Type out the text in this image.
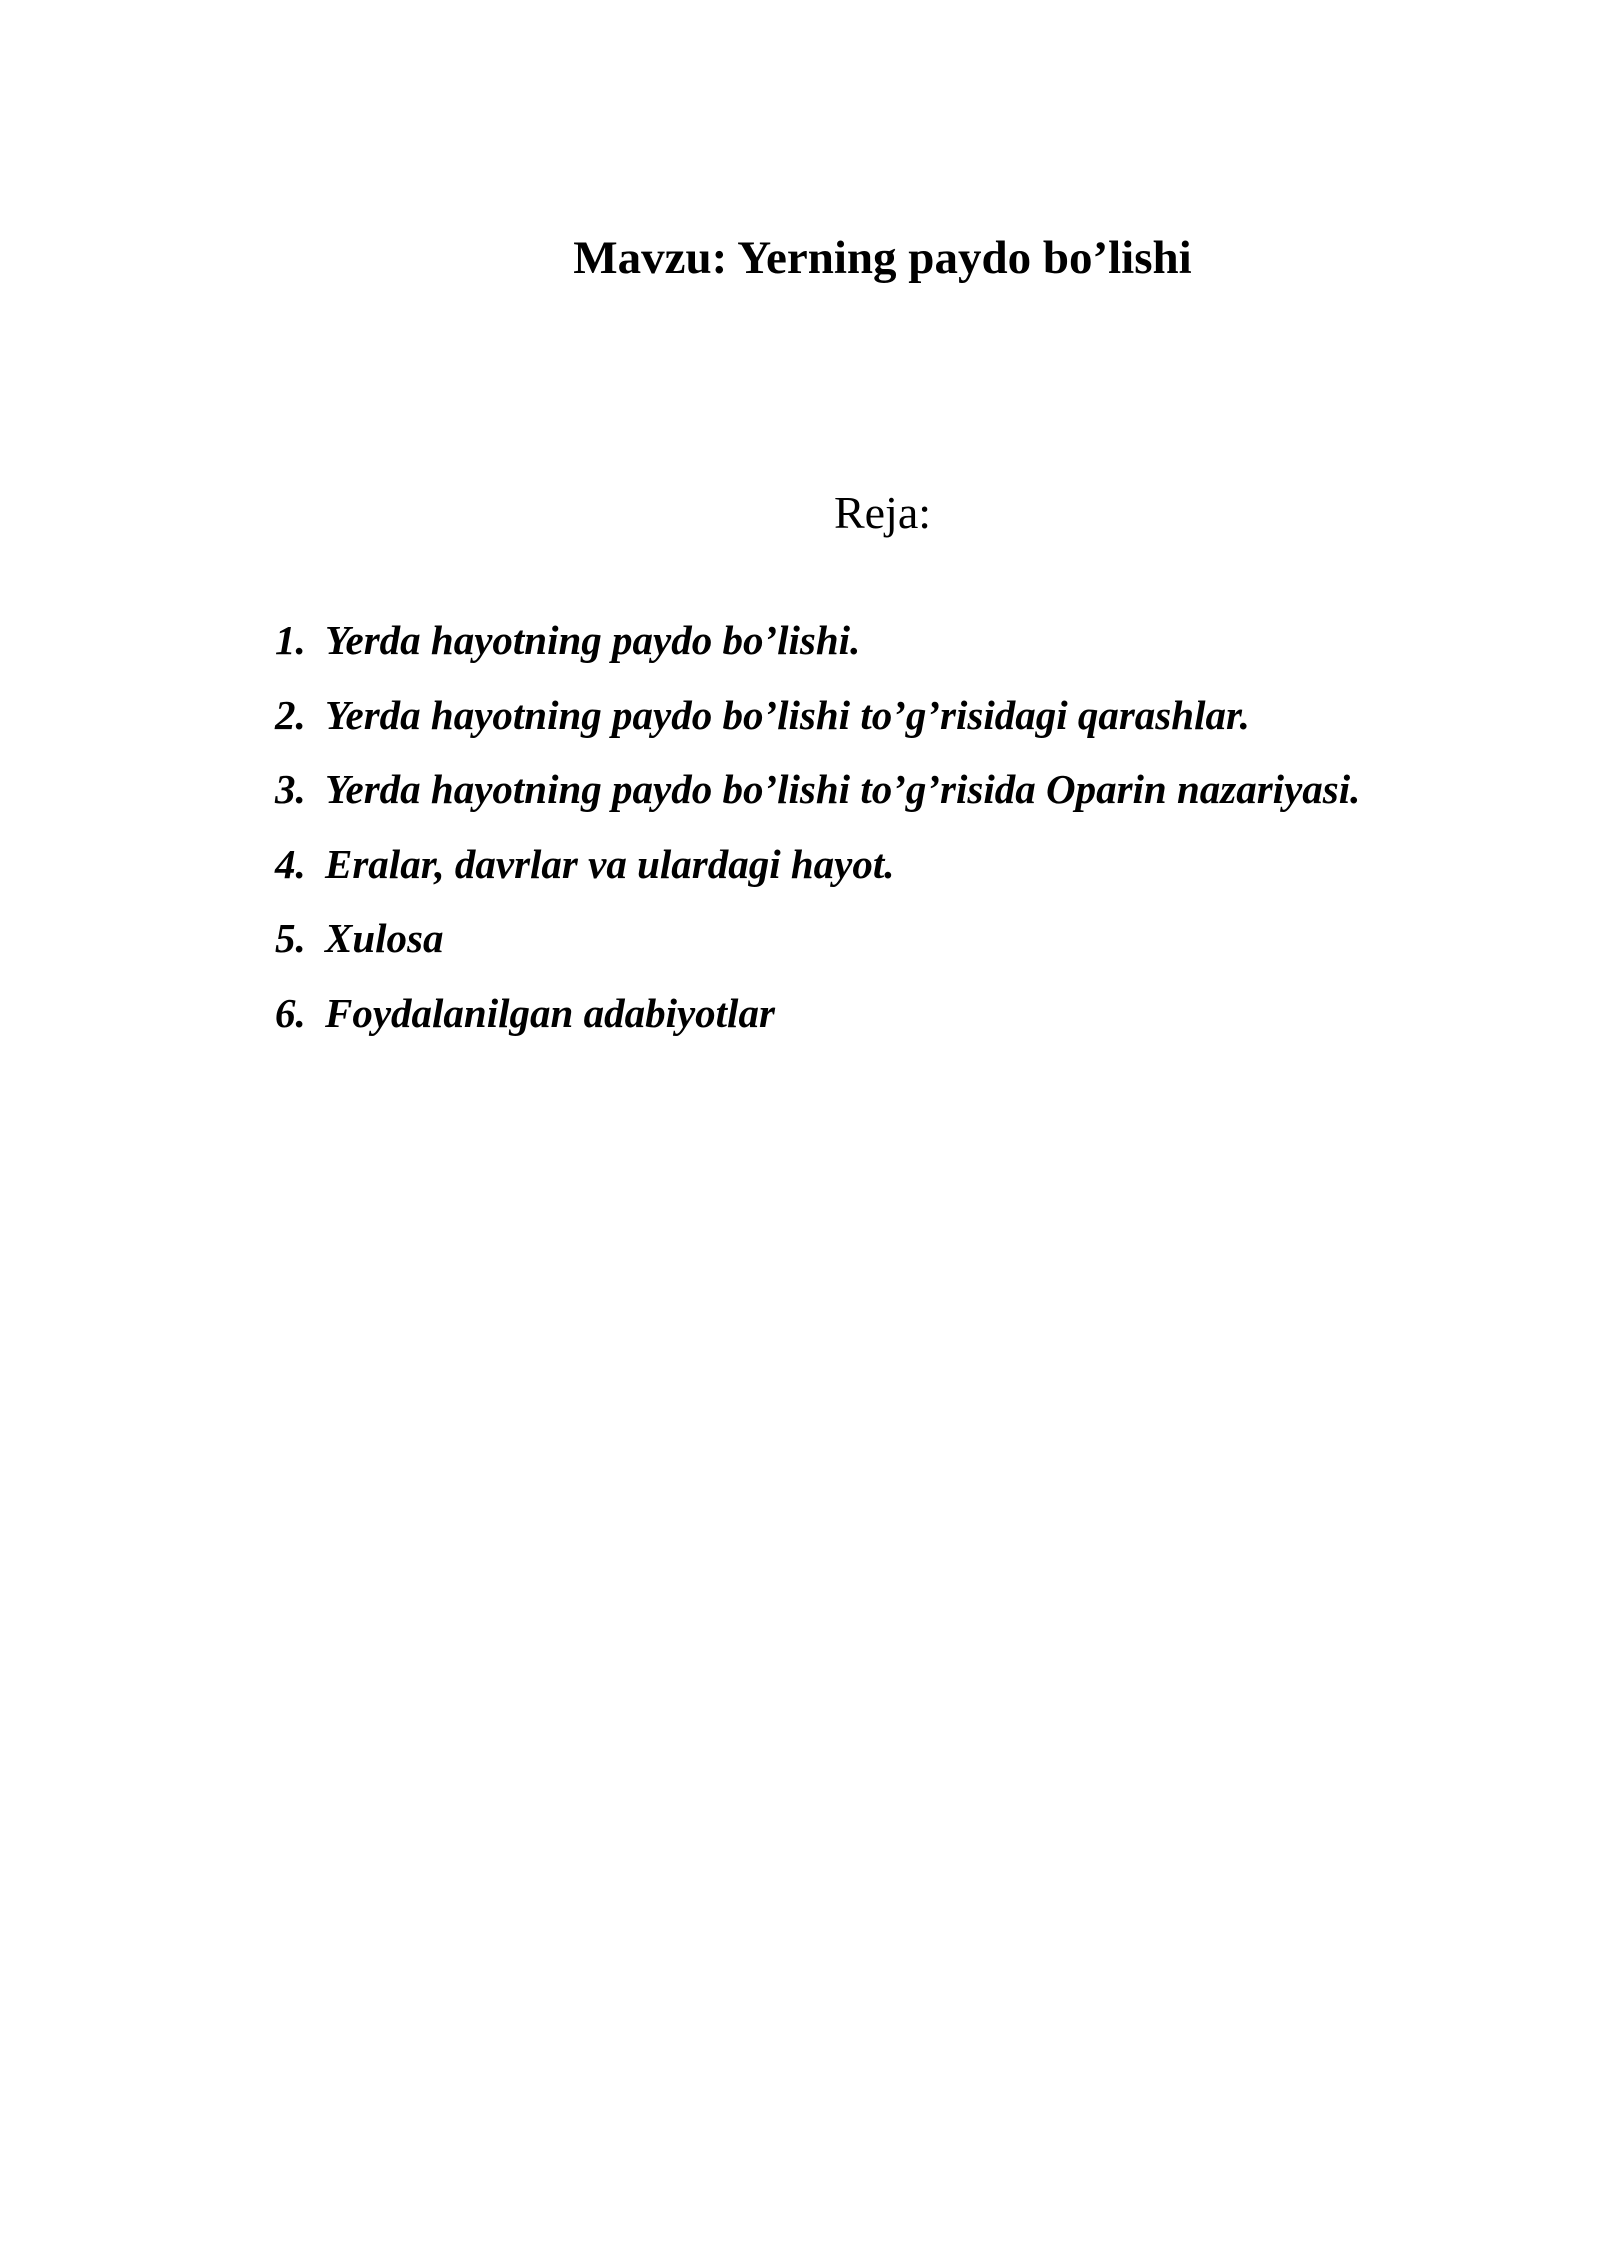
Mavzu: Yerning paydo bo’lishi
Reja:
1. Yerda hayotning paydo bo’lishi.
2. Yerda hayotning paydo bo’lishi to’g’risidagi qarashlar.
3. Yerda hayotning paydo bo’lishi to’g’risida Oparin nazariyasi.
4. Eralar, davrlar va ulardagi hayot.
5. Xulosa
6. Foydalanilgan adabiyotlar
